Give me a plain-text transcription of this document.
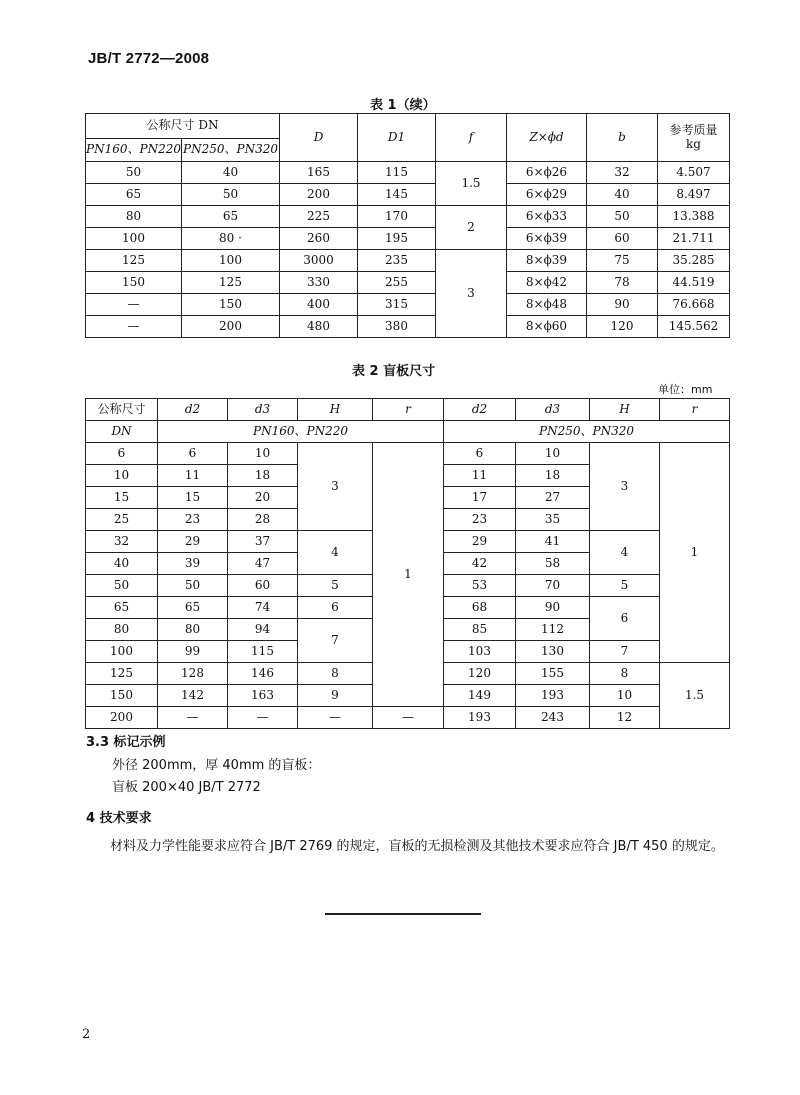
JB/T 2772—2008
表 1（续）
公称尺寸 DN		D	D1	f	Z×ϕd	b	参考质量
kg

PN160、PN220	PN250、PN320						
50	40	165	115	1.5	6×ϕ26	32	4.507
65	50	200	145		6×ϕ29	40	8.497
80	65	225	170	2	6×ϕ33	50	13.388
100	80 ·	260	195		6×ϕ39	60	21.711
125	100	3000	235	3	8×ϕ39	75	35.285
150	125	330	255		8×ϕ42	78	44.519
—	150	400	315		8×ϕ48	90	76.668
—	200	480	380		8×ϕ60	120	145.562
表 2 盲板尺寸
单位：mm
公称尺寸	d2	d3	H	r	d2	d3	H	r
DN	PN160、PN220				PN250、PN320			
6	6	10	3	1	6	10	3	1
10	11	18			11	18		
15	15	20			17	27		
25	23	28			23	35		
32	29	37	4		29	41	4	
40	39	47			42	58		
50	50	60	5		53	70	5	
65	65	74	6		68	90	6	
80	80	94	7		85	112		
100	99	115			103	130	7	
125	128	146	8		120	155	8	1.5
150	142	163	9		149	193	10	
200	—	—	—	—	193	243	12	
3.3 标记示例
外径 200mm，厚 40mm 的盲板：
盲板 200×40 JB/T 2772
4 技术要求
材料及力学性能要求应符合 JB/T 2769 的规定，盲板的无损检测及其他技术要求应符合 JB/T 450 的规定。
2
